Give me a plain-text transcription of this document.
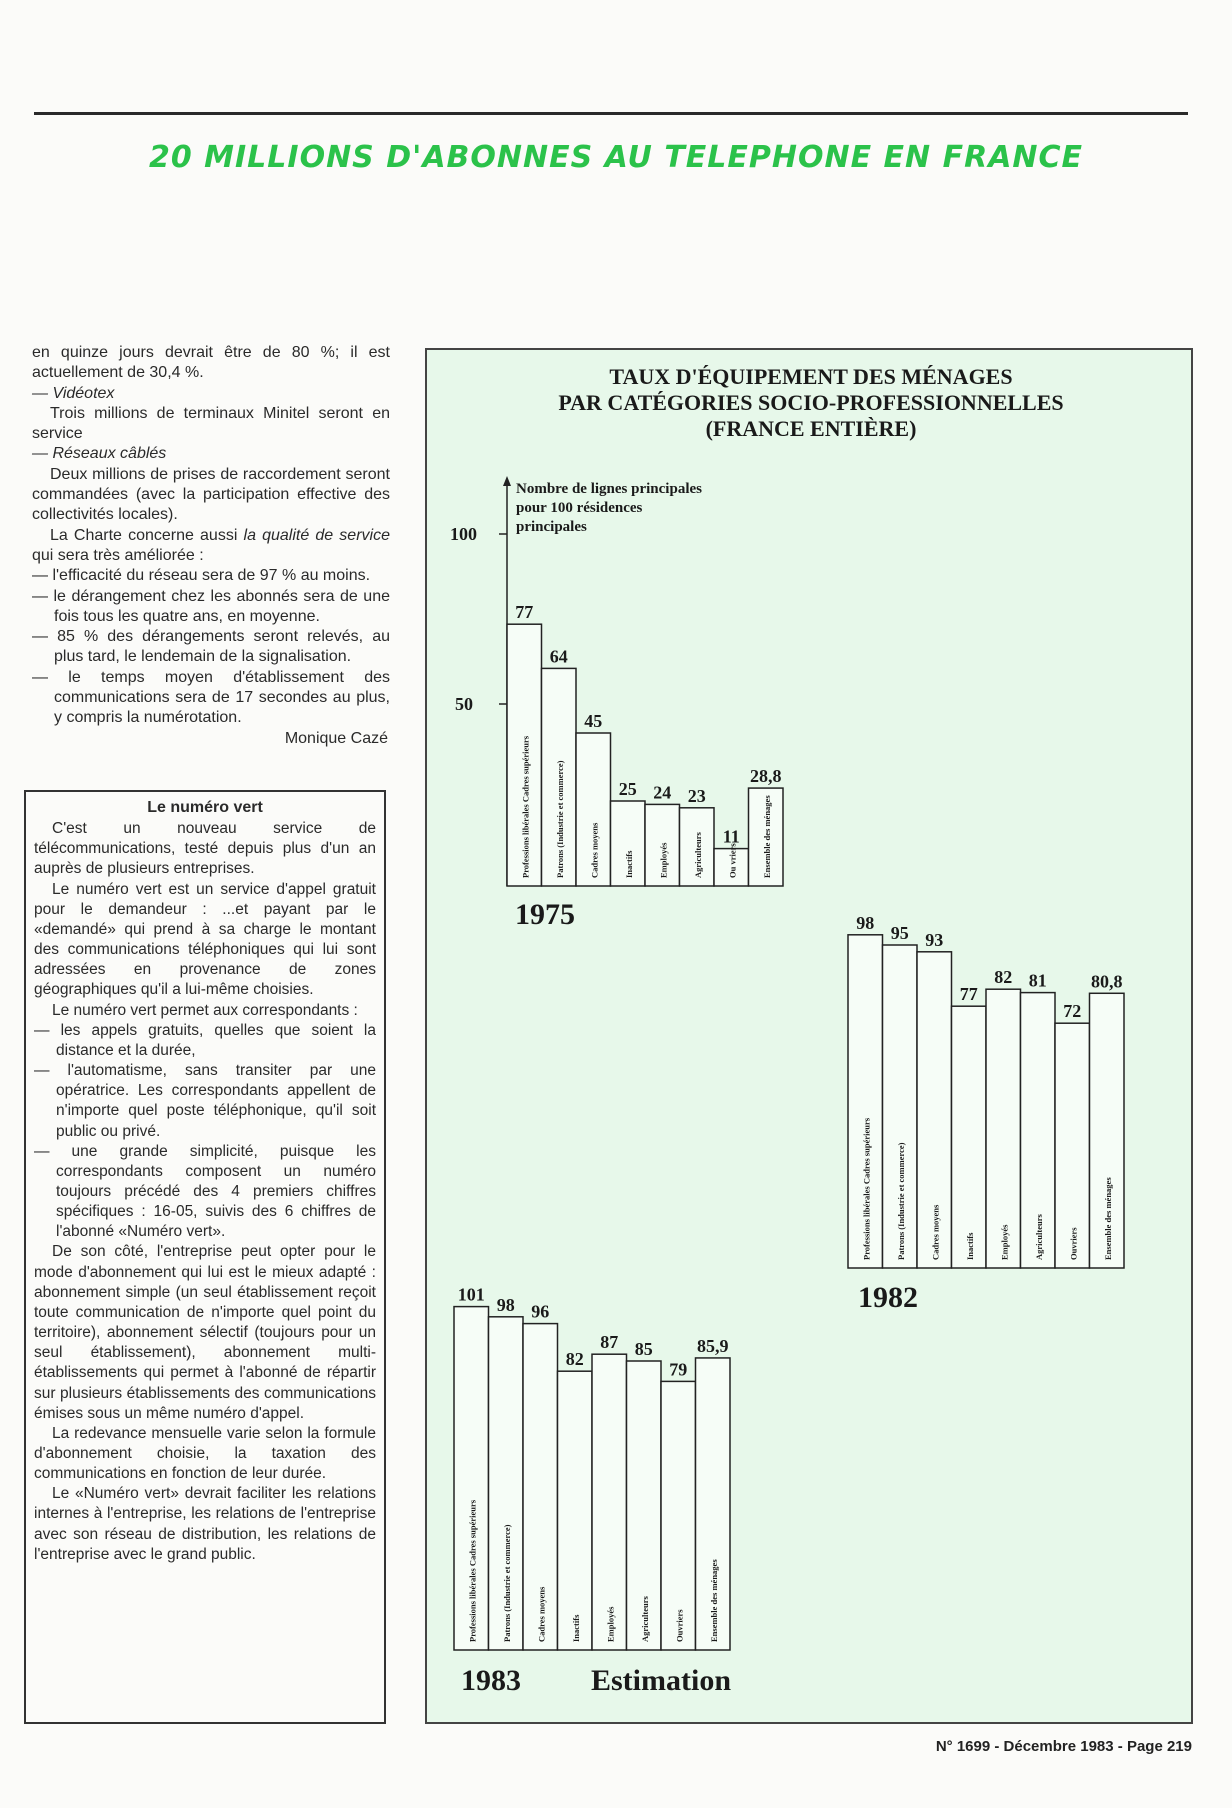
20 MILLIONS D'ABONNES AU TELEPHONE EN FRANCE

en quinze jours devrait être de 80 %; il est actuellement de 30,4 %.

— Vidéotex

Trois millions de terminaux Minitel seront en service

— Réseaux câblés

Deux millions de prises de raccordement seront commandées (avec la participation effective des collectivités locales).

La Charte concerne aussi la qualité de service qui sera très améliorée :

— l'efficacité du réseau sera de 97 % au moins.

— le dérangement chez les abonnés sera de une fois tous les quatre ans, en moyenne.

— 85 % des dérangements seront relevés, au plus tard, le lendemain de la signalisation.

— le temps moyen d'établissement des communications sera de 17 secondes au plus, y compris la numérotation.

Monique Cazé

Le numéro vert

C'est un nouveau service de télécommunications, testé depuis plus d'un an auprès de plusieurs entreprises.

Le numéro vert est un service d'appel gratuit pour le demandeur : ...et payant par le «demandé» qui prend à sa charge le montant des communications téléphoniques qui lui sont adressées en provenance de zones géographiques qu'il a lui-même choisies.

Le numéro vert permet aux correspondants :

— les appels gratuits, quelles que soient la distance et la durée,

— l'automatisme, sans transiter par une opératrice. Les correspondants appellent de n'importe quel poste téléphonique, qu'il soit public ou privé.

— une grande simplicité, puisque les correspondants composent un numéro toujours précédé des 4 premiers chiffres spécifiques : 16-05, suivis des 6 chiffres de l'abonné «Numéro vert».

De son côté, l'entreprise peut opter pour le mode d'abonnement qui lui est le mieux adapté : abonnement simple (un seul établissement reçoit toute communication de n'importe quel point du territoire), abonnement sélectif (toujours pour un seul établissement), abonnement multi-établissements qui permet à l'abonné de répartir sur plusieurs établissements des communications émises sous un même numéro d'appel.

La redevance mensuelle varie selon la formule d'abonnement choisie, la taxation des communications en fonction de leur durée.

Le «Numéro vert» devrait faciliter les relations internes à l'entreprise, les relations de l'entreprise avec son réseau de distribution, les relations de l'entreprise avec le grand public.

TAUX D'ÉQUIPEMENT DES MÉNAGES
PAR CATÉGORIES SOCIO-PROFESSIONNELLES
(FRANCE ENTIÈRE)
Nombre de lignes principales
pour 100 résidences
principales
100
50
1975
1982
1983 Estimation
77
Professions libérales Cadres supérieurs
64
Patrons (Industrie et commerce)
45
Cadres moyens
25
Inactifs
24
Employés
23
Agriculteurs 11
Ou vriers
28,8
Ensemble des ménages
98
Professions libérales Cadres supérieurs
95
Patrons (Industrie et commerce)
93
Cadres moyens
77
Inactifs
82
Employés
81
Agriculteurs
72
Ouvriers
80,8
Ensemble des ménages
101
Professions libérales Cadres supérieurs
98
Patrons (Industrie et commerce)
96
Cadres moyens
82
Inactifs
87
Employés
85
Agriculteurs
79
Ouvriers
85,9
Ensemble des ménages
N° 1699 - Décembre 1983 - Page 219
